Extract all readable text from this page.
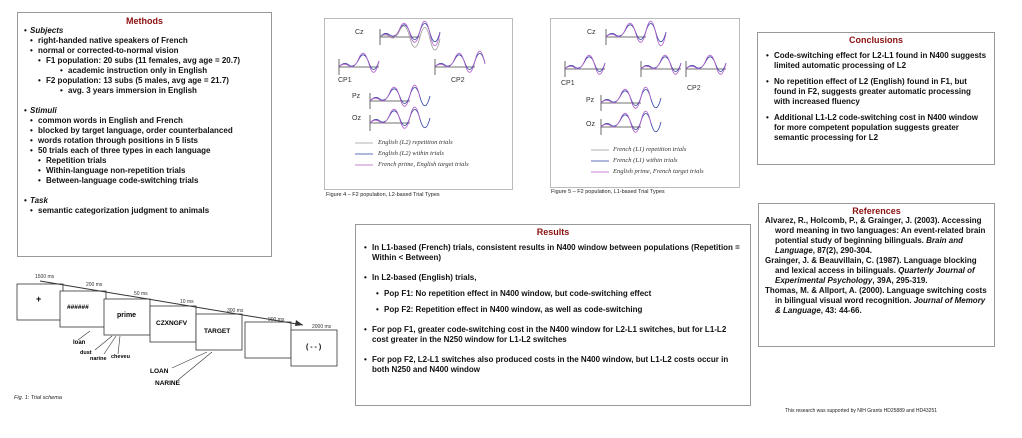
Methods
• Subjects
• right-handed native speakers of French
• normal or corrected-to-normal vision
• F1 population: 20 subs (11 females, avg age = 20.7)
• academic instruction only in English
• F2 population: 13 subs (5 males, avg age = 21.7)
• avg. 3 years immersion in English
• Stimuli
• common words in English and French
• blocked by target language, order counterbalanced
• words rotation through positions in 5 lists
• 50 trials each of three types in each language
• Repetition trials
• Within-language non-repetition trials
• Between-language code-switching trials
• Task
• semantic categorization judgment to animals
Cz
CP1	CP2
Pz
Oz
English (L2) repetition trials
English (L2) within trials
French prime, English target trials
Figure 4 – F2 population, L2-based Trial Types
Cz
CP1
CP2
Pz
Oz
French (L1) repetition trials
French (L1) within trials
English prime, French target trials
Figure 5 – F2 population, L1-based Trial Types
Conclusions
• Code-switching effect for L2-L1 found in N400 suggests limited automatic processing of L2
• No repetition effect of L2 (English) found in F1, but found in F2, suggests greater automatic processing with increased fluency
• Additional L1-L2 code-switching cost in N400 window for more competent population suggests greater semantic processing for L2
References
Alvarez, R., Holcomb, P., & Grainger, J. (2003). Accessing word meaning in two languages: An event-related brain potential study of beginning bilinguals. Brain and Language, 87(2), 290-304.
Grainger, J. & Beauvillain, C. (1987). Language blocking and lexical access in bilinguals. Quarterly Journal of Experimental Psychology, 39A, 295-319.
Thomas, M. & Allport, A. (2000). Language switching costs in bilingual visual word recognition. Journal of Memory & Language, 43: 44-66.
Results
• In L1-based (French) trials, consistent results in N400 window between populations (Repetition = Within < Between)
• In L2-based (English) trials,
• Pop F1: No repetition effect in N400 window, but code-switching effect
• Pop F2: Repetition effect in N400 window, as well as code-switching
• For pop F1, greater code-switching cost in the N400 window for L2-L1 switches, but for L1-L2 cost greater in the N250 window for L1-L2 switches
• For pop F2, L2-L1 switches also produced costs in the N400 window, but L1-L2 costs occur in both N250 and N400 window
1500 ms
200 ms
50 ms
10 ms
300 ms
900 ms
2000 ms
+
######
prime
CZXNGFV
TARGET
( - - )
loan
dust
narine cheveu
LOAN
NARINE
Fig. 1: Trial schema
This research was supported by NIH Grants HD25889 and HD43251
